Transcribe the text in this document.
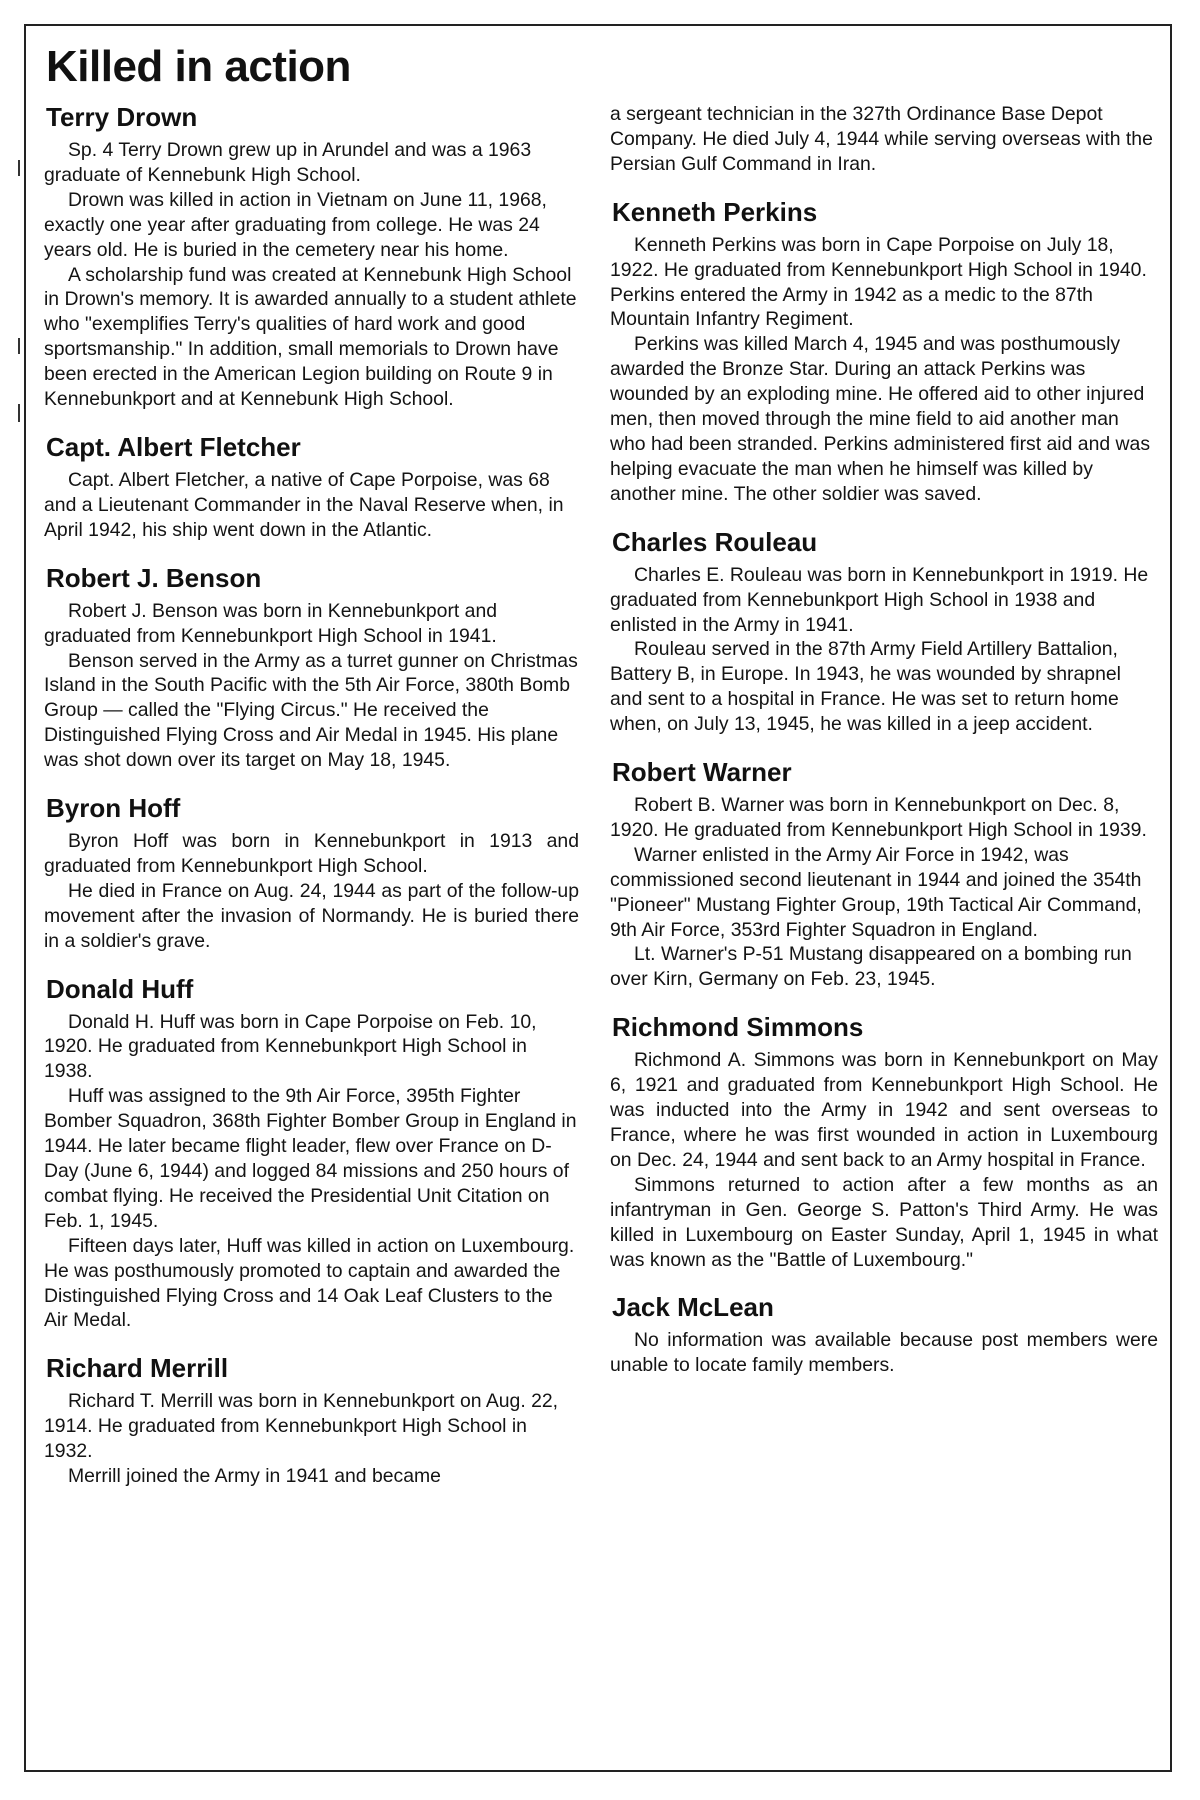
Killed in action
Terry Drown

Sp. 4 Terry Drown grew up in Arundel and was a 1963 graduate of Kennebunk High School.

Drown was killed in action in Vietnam on June 11, 1968, exactly one year after graduating from college. He was 24 years old. He is buried in the cemetery near his home.

A scholarship fund was created at Kennebunk High School in Drown's memory. It is awarded annually to a student athlete who "exemplifies Terry's qualities of hard work and good sportsmanship." In addition, small memorials to Drown have been erected in the American Legion building on Route 9 in Kennebunkport and at Kennebunk High School.

Capt. Albert Fletcher

Capt. Albert Fletcher, a native of Cape Porpoise, was 68 and a Lieutenant Commander in the Naval Reserve when, in April 1942, his ship went down in the Atlantic.

Robert J. Benson

Robert J. Benson was born in Kennebunkport and graduated from Kennebunkport High School in 1941.

Benson served in the Army as a turret gunner on Christmas Island in the South Pacific with the 5th Air Force, 380th Bomb Group — called the "Flying Circus." He received the Distinguished Flying Cross and Air Medal in 1945. His plane was shot down over its target on May 18, 1945.

Byron Hoff

Byron Hoff was born in Kennebunkport in 1913 and graduated from Kennebunkport High School.

He died in France on Aug. 24, 1944 as part of the follow-up movement after the invasion of Normandy. He is buried there in a soldier's grave.

Donald Huff

Donald H. Huff was born in Cape Porpoise on Feb. 10, 1920. He graduated from Kennebunkport High School in 1938.

Huff was assigned to the 9th Air Force, 395th Fighter Bomber Squadron, 368th Fighter Bomber Group in England in 1944. He later became flight leader, flew over France on D-Day (June 6, 1944) and logged 84 missions and 250 hours of combat flying. He received the Presidential Unit Citation on Feb. 1, 1945.

Fifteen days later, Huff was killed in action on Luxembourg. He was posthumously promoted to captain and awarded the Distinguished Flying Cross and 14 Oak Leaf Clusters to the Air Medal.

Richard Merrill

Richard T. Merrill was born in Kennebunkport on Aug. 22, 1914. He graduated from Kennebunkport High School in 1932.

Merrill joined the Army in 1941 and became

a sergeant technician in the 327th Ordinance Base Depot Company. He died July 4, 1944 while serving overseas with the Persian Gulf Command in Iran.

Kenneth Perkins

Kenneth Perkins was born in Cape Porpoise on July 18, 1922. He graduated from Kennebunkport High School in 1940. Perkins entered the Army in 1942 as a medic to the 87th Mountain Infantry Regiment.

Perkins was killed March 4, 1945 and was posthumously awarded the Bronze Star. During an attack Perkins was wounded by an exploding mine. He offered aid to other injured men, then moved through the mine field to aid another man who had been stranded. Perkins administered first aid and was helping evacuate the man when he himself was killed by another mine. The other soldier was saved.

Charles Rouleau

Charles E. Rouleau was born in Kennebunkport in 1919. He graduated from Kennebunkport High School in 1938 and enlisted in the Army in 1941.

Rouleau served in the 87th Army Field Artillery Battalion, Battery B, in Europe. In 1943, he was wounded by shrapnel and sent to a hospital in France. He was set to return home when, on July 13, 1945, he was killed in a jeep accident.

Robert Warner

Robert B. Warner was born in Kennebunkport on Dec. 8, 1920. He graduated from Kennebunkport High School in 1939.

Warner enlisted in the Army Air Force in 1942, was commissioned second lieutenant in 1944 and joined the 354th "Pioneer" Mustang Fighter Group, 19th Tactical Air Command, 9th Air Force, 353rd Fighter Squadron in England.

Lt. Warner's P-51 Mustang disappeared on a bombing run over Kirn, Germany on Feb. 23, 1945.

Richmond Simmons

Richmond A. Simmons was born in Kennebunkport on May 6, 1921 and graduated from Kennebunkport High School. He was inducted into the Army in 1942 and sent overseas to France, where he was first wounded in action in Luxembourg on Dec. 24, 1944 and sent back to an Army hospital in France.

Simmons returned to action after a few months as an infantryman in Gen. George S. Patton's Third Army. He was killed in Luxembourg on Easter Sunday, April 1, 1945 in what was known as the "Battle of Luxembourg."

Jack McLean

No information was available because post members were unable to locate family members.
